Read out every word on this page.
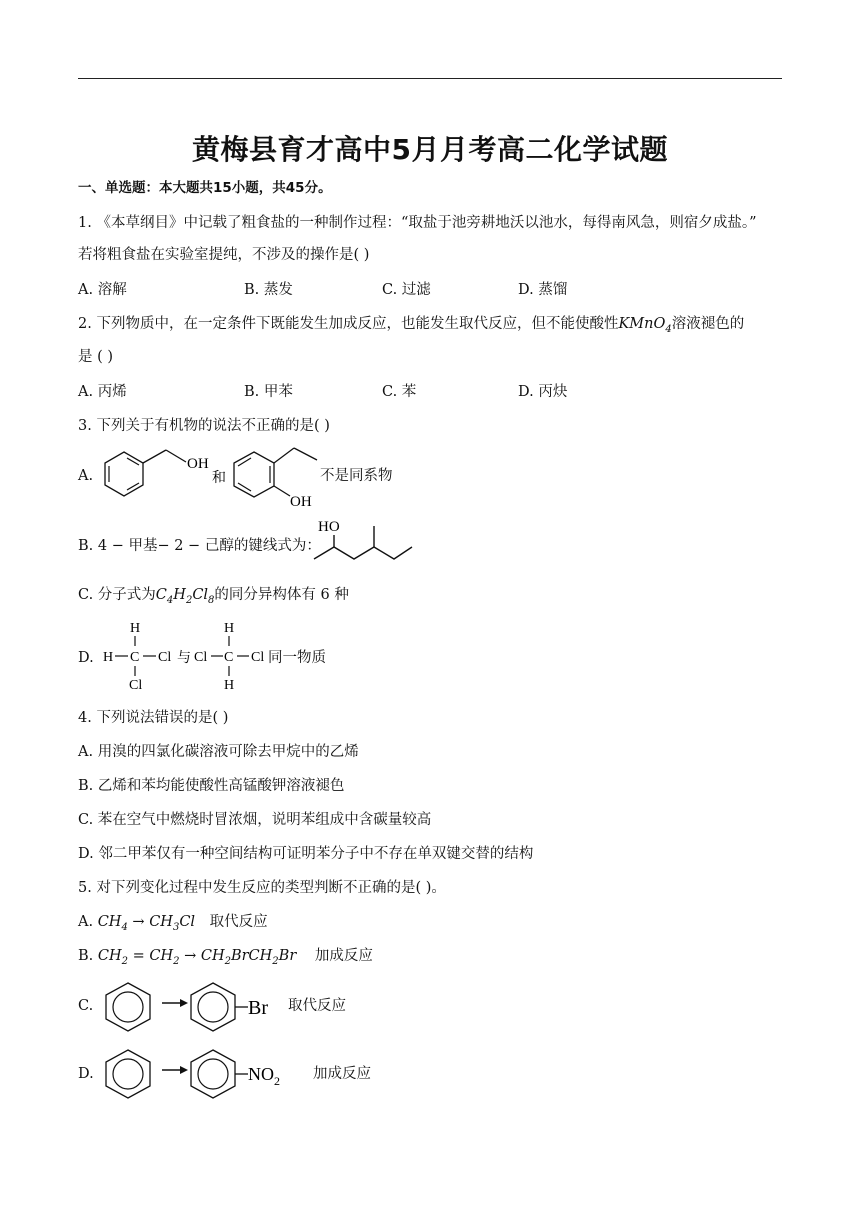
黄梅县育才高中5月月考高二化学试题
一、单选题：本大题共15小题，共45分。
1. 《本草纲目》中记载了粗食盐的一种制作过程：“取盐于池旁耕地沃以池水，每得南风急，则宿夕成盐。”
若将粗食盐在实验室提纯，不涉及的操作是( )
A. 溶解	B. 蒸发	C. 过滤	D. 蒸馏
2. 下列物质中，在一定条件下既能发生加成反应，也能发生取代反应，但不能使酸性KMnO$_4$溶液褪色的
是 ( )
A. 丙烯	B. 甲苯	C. 苯	D. 丙炔
3. 下列关于有机物的说法不正确的是( )
A.
OH
和
OH
不是同系物
B. 4 − 甲基− 2 − 己醇的键线式为：
HO
C. 分子式为$C_4H_2Cl_8$的同分异构体有 6 种
D.
H
H C Cl
Cl
与 Cl
H
C Cl
H
同一物质
4. 下列说法错误的是( )
A. 用溴的四氯化碳溶液可除去甲烷中的乙烯
B. 乙烯和苯均能使酸性高锰酸钾溶液褪色
C. 苯在空气中燃烧时冒浓烟，说明苯组成中含碳量较高
D. 邻二甲苯仅有一种空间结构可证明苯分子中不存在单双键交替的结构
5. 对下列变化过程中发生反应的类型判断不正确的是( )。
A. $CH_4 \to CH_3Cl$ 取代反应
B. $CH_2 = CH_2$ → $CH_2BrCH_2Br$ 加成反应
C.	Br 取代反应
D.	$NO_2$ 加成反应
